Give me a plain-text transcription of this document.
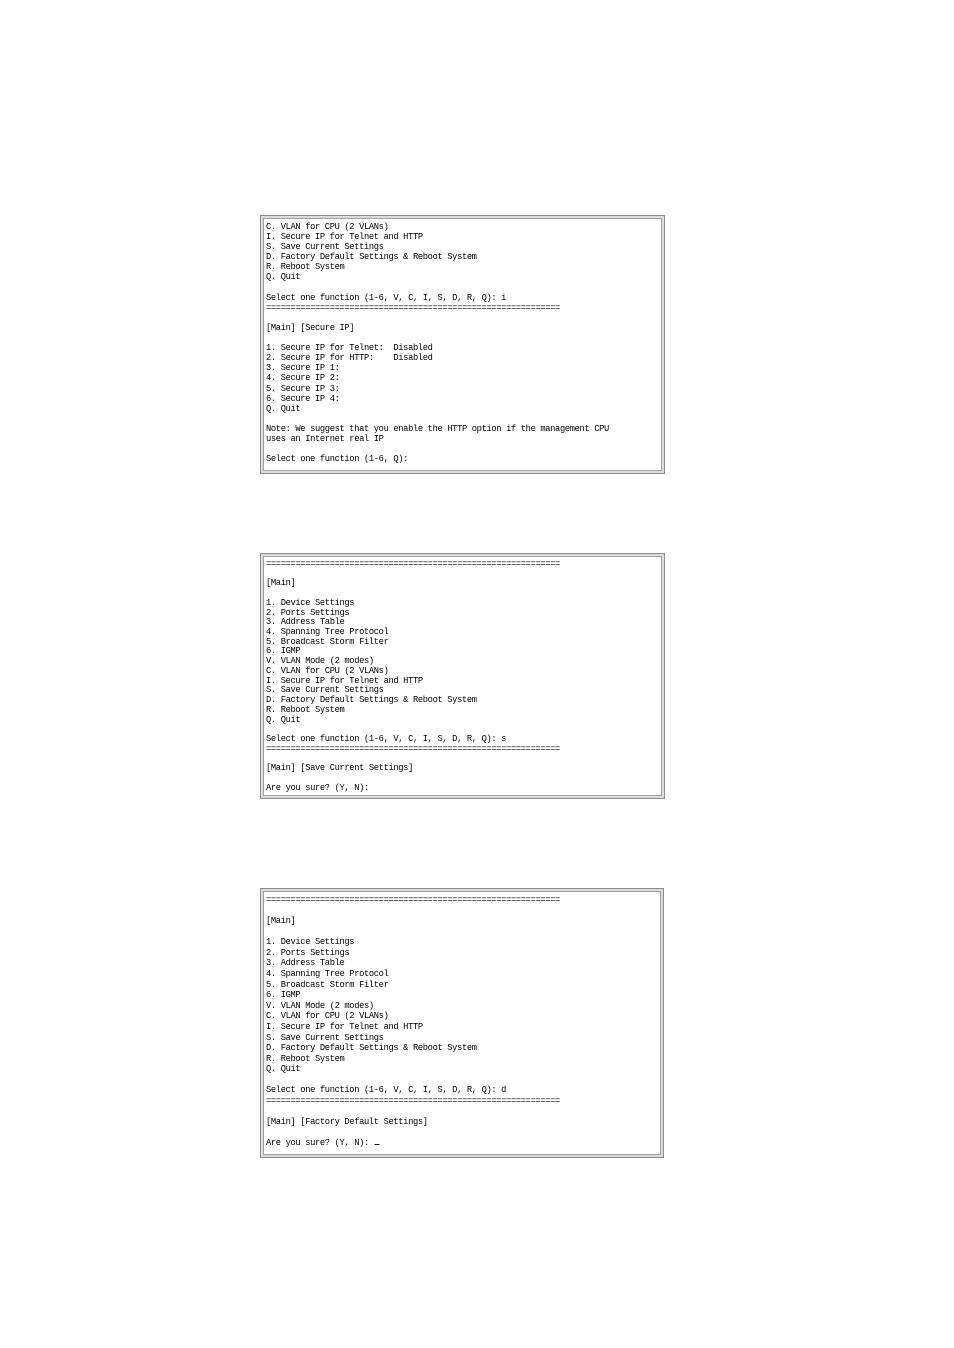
C. VLAN for CPU (2 VLANs)
I. Secure IP for Telnet and HTTP
S. Save Current Settings
D. Factory Default Settings & Reboot System
R. Reboot System
Q. Quit
Select one function (1-6, V, C, I, S, D, R, Q): i
============================================================
[Main] [Secure IP]
1. Secure IP for Telnet:  Disabled
2. Secure IP for HTTP:    Disabled
3. Secure IP 1:
4. Secure IP 2:
5. Secure IP 3:
6. Secure IP 4:
Q. Quit
Note: We suggest that you enable the HTTP option if the management CPU
uses an Internet real IP
Select one function (1-6, Q):
============================================================
[Main]
1. Device Settings
2. Ports Settings
3. Address Table
4. Spanning Tree Protocol
5. Broadcast Storm Filter
6. IGMP
V. VLAN Mode (2 modes)
C. VLAN for CPU (2 VLANs)
I. Secure IP for Telnet and HTTP
S. Save Current Settings
D. Factory Default Settings & Reboot System
R. Reboot System
Q. Quit
Select one function (1-6, V, C, I, S, D, R, Q): s
============================================================
[Main] [Save Current Settings]
Are you sure? (Y, N):
============================================================
[Main]
1. Device Settings
2. Ports Settings
3. Address Table
4. Spanning Tree Protocol
5. Broadcast Storm Filter
6. IGMP
V. VLAN Mode (2 modes)
C. VLAN for CPU (2 VLANs)
I. Secure IP for Telnet and HTTP
S. Save Current Settings
D. Factory Default Settings & Reboot System
R. Reboot System
Q. Quit
Select one function (1-6, V, C, I, S, D, R, Q): d
============================================================
[Main] [Factory Default Settings]
Are you sure? (Y, N):
